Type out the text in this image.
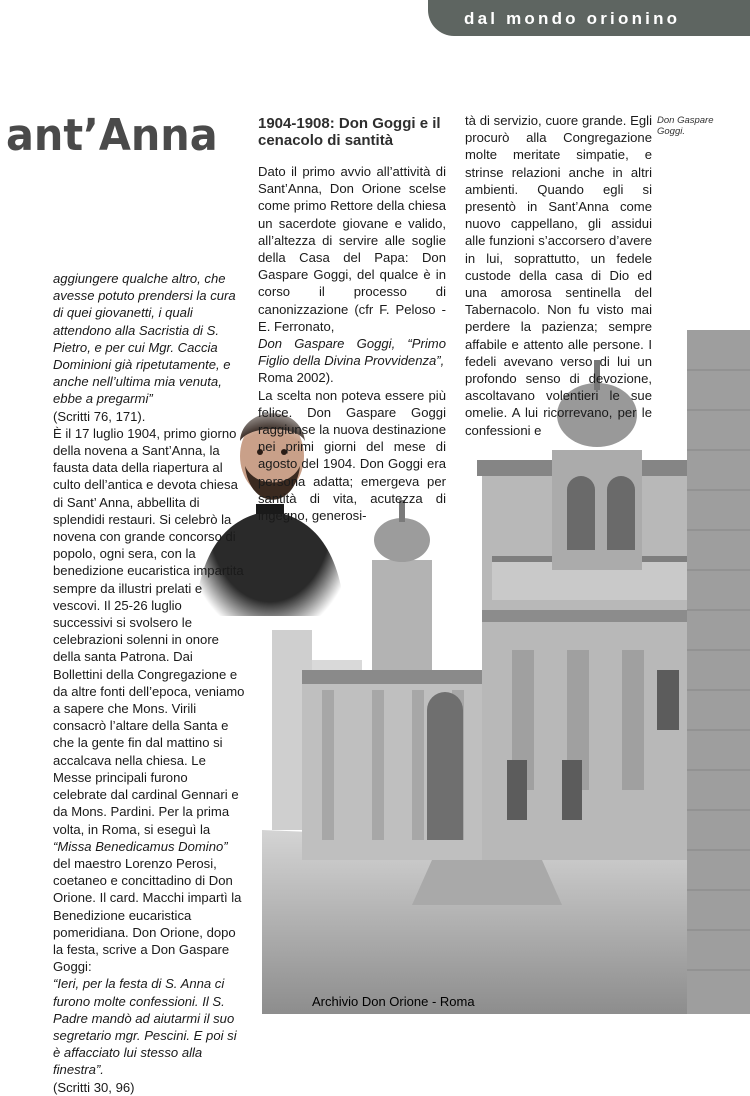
dal mondo orionino
ant’Anna

aggiungere qualche altro, che avesse potuto prendersi la cura di quei giovanetti, i quali attendono alla Sacristia di S. Pietro, e per cui Mgr. Caccia Dominioni già ripetutamente, e anche nell’ultima mia venuta, ebbe a pregarmi”

(Scritti 76, 171).

È il 17 luglio 1904, primo giorno della novena a Sant’Anna, la fausta data della riapertura al culto dell’antica e devota chiesa di Sant’ Anna, abbellita di splendidi restauri. Si celebrò la novena con grande concorso di popolo, ogni sera, con la benedizione eucaristica impartita sempre da illustri prelati e vescovi. Il 25-26 luglio successivi si svolsero le celebrazioni solenni in onore della santa Patrona. Dai Bollettini della Congregazione e da altre fonti dell’epoca, veniamo a sapere che Mons. Virili consacrò l’altare della Santa e che la gente fin dal mattino si accalcava nella chiesa. Le Messe principali furono celebrate dal cardinal Gennari e da Mons. Pardini. Per la prima volta, in Roma, si eseguì la

“Missa Benedicamus Domino”

del maestro Lorenzo Perosi, coetaneo e concittadino di Don Orione. Il card. Macchi impartì la Benedizione eucaristica pomeridiana. Don Orione, dopo la festa, scrive a Don Gaspare Goggi:

“Ieri, per la festa di S. Anna ci furono molte confessioni. Il S. Padre mandò ad aiutarmi il suo segretario mgr. Pescini. E poi si è affacciato lui stesso alla finestra”.

(Scritti 30, 96)

1904-1908: Don Goggi e il cenacolo di santità

Dato il primo avvio all’attività di Sant’Anna, Don Orione scelse come primo Rettore della chiesa un sacerdote giovane e valido, all’altezza di servire alle soglie della Casa del Papa: Don Gaspare Goggi, del qualce è in corso il processo di canonizzazione (cfr F. Peloso - E. Ferronato,

Don Gaspare Goggi, “Primo Figlio della Divina Provvidenza”,

Roma 2002).

La scelta non poteva essere più felice. Don Gaspare Goggi raggiunse la nuova destinazione nei primi giorni del mese di agosto del 1904. Don Goggi era persona adatta; emergeva per santità di vita, acutezza di ingegno, generosi-

tà di servizio, cuore grande. Egli procurò alla Congregazione molte meritate simpatie, e strinse relazioni anche in altri ambienti. Quando egli si presentò in Sant’Anna come nuovo cappellano, gli assidui alle funzioni s’accorsero d’avere in lui, soprattutto, un fedele custode della casa di Dio ed una amorosa sentinella del Tabernacolo. Non fu visto mai perdere la pazienza; sempre affabile e attento alle persone. I fedeli avevano verso di lui un profondo senso di devozione, ascoltavano volentieri le sue omelie. A lui ricorrevano, per le confessioni e

Don Gaspare Goggi.
Archivio Don Orione - Roma
